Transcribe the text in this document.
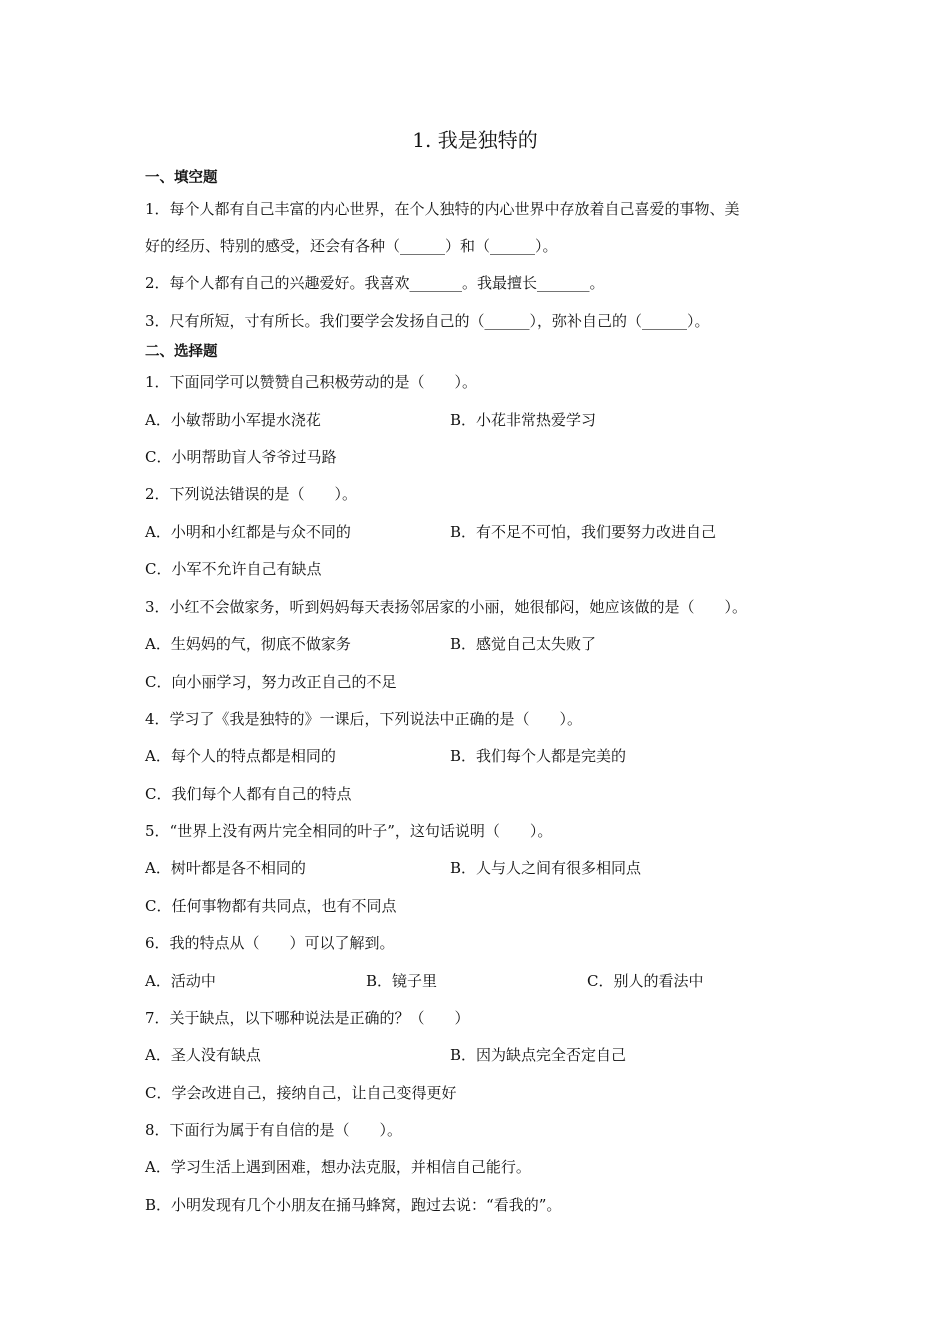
1. 我是独特的
一、填空题
1．每个人都有自己丰富的内心世界，在个人独特的内心世界中存放着自己喜爱的事物、美
好的经历、特别的感受，还会有各种（______）和（______）。
2．每个人都有自己的兴趣爱好。我喜欢_______。我最擅长_______。
3．尺有所短，寸有所长。我们要学会发扬自己的（______），弥补自己的（______）。
二、选择题
1．下面同学可以赞赞自己积极劳动的是（　　）。
A．小敏帮助小军提水浇花	B．小花非常热爱学习
C．小明帮助盲人爷爷过马路
2．下列说法错误的是（　　）。
A．小明和小红都是与众不同的	B．有不足不可怕，我们要努力改进自己
C．小军不允许自己有缺点
3．小红不会做家务，听到妈妈每天表扬邻居家的小丽，她很郁闷，她应该做的是（　　）。
A．生妈妈的气，彻底不做家务	B．感觉自己太失败了
C．向小丽学习，努力改正自己的不足
4．学习了《我是独特的》一课后，下列说法中正确的是（　　）。
A．每个人的特点都是相同的	B．我们每个人都是完美的
C．我们每个人都有自己的特点
5．“世界上没有两片完全相同的叶子”，这句话说明（　　）。
A．树叶都是各不相同的	B．人与人之间有很多相同点
C．任何事物都有共同点，也有不同点
6．我的特点从（　　）可以了解到。
A．活动中	B．镜子里	C．别人的看法中
7．关于缺点，以下哪种说法是正确的？（　　）
A．圣人没有缺点	B．因为缺点完全否定自己
C．学会改进自己，接纳自己，让自己变得更好
8．下面行为属于有自信的是（　　）。
A．学习生活上遇到困难，想办法克服，并相信自己能行。
B．小明发现有几个小朋友在捅马蜂窝，跑过去说：“看我的”。
